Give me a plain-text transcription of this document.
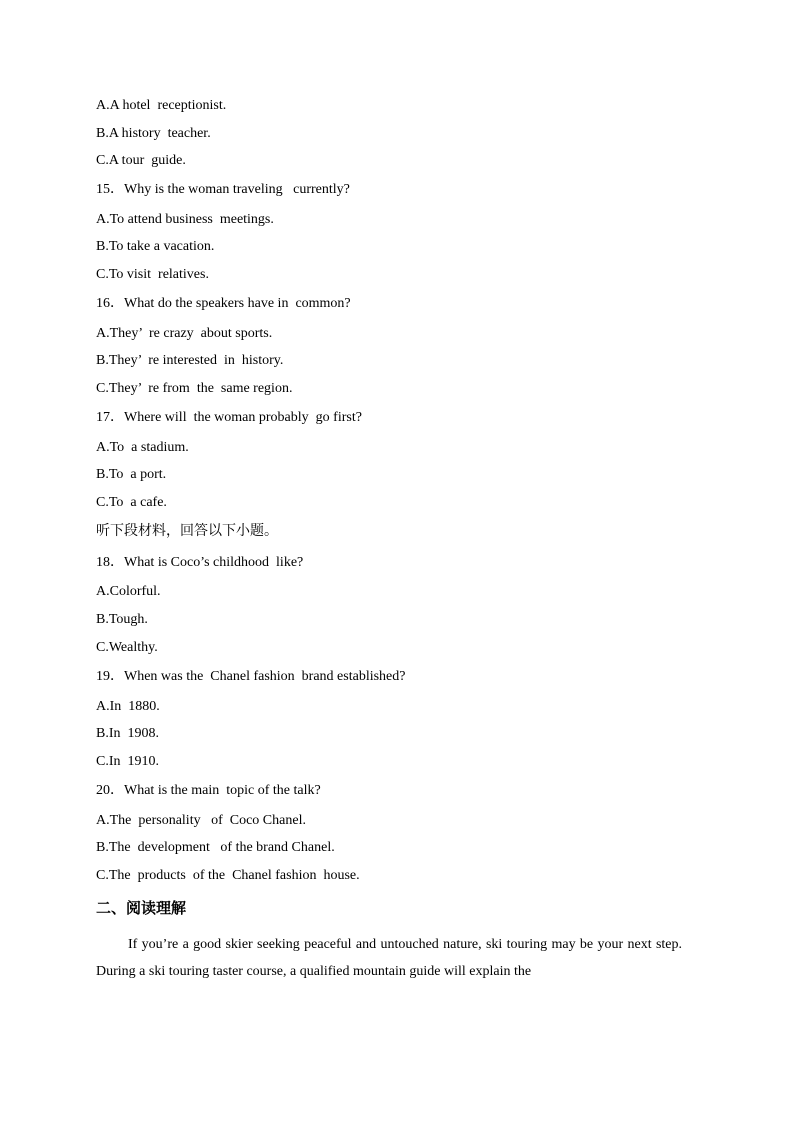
A.A hotel  receptionist.
B.A history  teacher.
C.A tour  guide.
15．Why is the woman traveling   currently?
A.To attend business  meetings.
B.To take a vacation.
C.To visit  relatives.
16．What do the speakers have in  common?
A.They’  re crazy  about sports.
B.They’  re interested  in  history.
C.They’  re from  the  same region.
17．Where will  the woman probably  go first?
A.To  a stadium.
B.To  a port.
C.To  a cafe.
听下段材料，回答以下小题。
18．What is Coco’s childhood  like?
A.Colorful.
B.Tough.
C.Wealthy.
19．When was the  Chanel fashion  brand established?
A.In  1880.
B.In  1908.
C.In  1910.
20．What is the main  topic of the talk?
A.The  personality   of  Coco Chanel.
B.The  development   of the brand Chanel.
C.The  products  of the  Chanel fashion  house.
二、阅读理解
If you’re a good skier seeking peaceful and untouched nature, ski touring may be your next step. During a ski touring taster course, a qualified mountain guide will explain the
